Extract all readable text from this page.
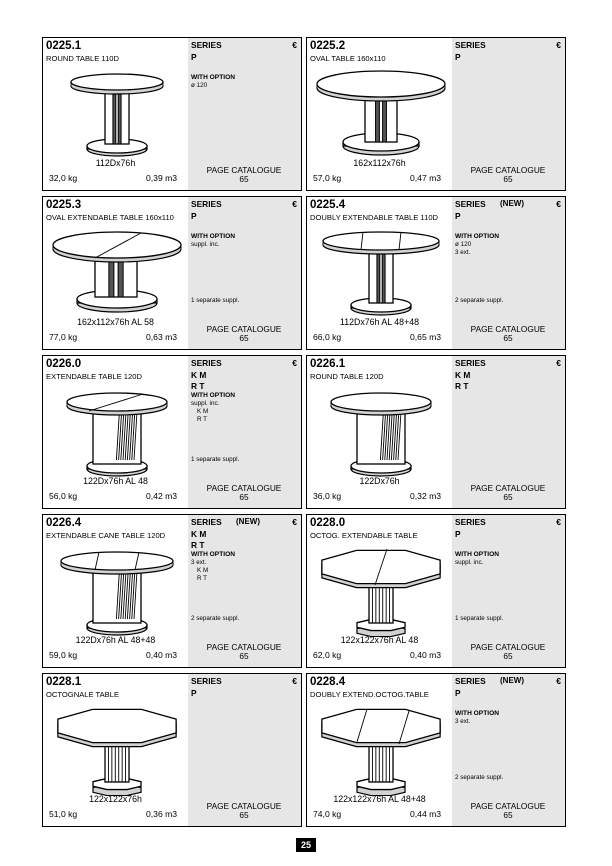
0225.1
ROUND TABLE 110D
112Dx76h
32,0 kg	0,39 m3
SERIES	€
P
WITH OPTION
ø 120
PAGE CATALOGUE
65
0225.2
OVAL TABLE 160x110
162x112x76h
57,0 kg	0,47 m3
SERIES	€
P
PAGE CATALOGUE
65
0225.3
OVAL EXTENDABLE TABLE 160x110
162x112x76h AL 58
77,0 kg	0,63 m3
SERIES	€
P
WITH OPTION
suppl. inc.
1 separate suppl.
PAGE CATALOGUE
65
0225.4
DOUBLY EXTENDABLE TABLE 110D
112Dx76h AL 48+48
66,0 kg	0,65 m3
SERIES (NEW)	€
P
WITH OPTION
ø 120
3 ext.
2 separate suppl.
PAGE CATALOGUE
65
0226.0
EXTENDABLE TABLE 120D
122Dx76h AL 48
56,0 kg	0,42 m3
SERIES	€
K M
R T
WITH OPTION
suppl. inc.
K M
R T
1 separate suppl.
PAGE CATALOGUE
65
0226.1
ROUND TABLE 120D
122Dx76h
36,0 kg	0,32 m3
SERIES	€
K M
R T
PAGE CATALOGUE
65
0226.4
EXTENDABLE CANE TABLE 120D
122Dx76h AL 48+48
59,0 kg	0,40 m3
SERIES (NEW)	€
K M
R T
WITH OPTION
3 ext.
K M
R T
2 separate suppl.
PAGE CATALOGUE
65
0228.0
OCTOG. EXTENDABLE TABLE
122x122x76h AL 48
62,0 kg	0,40 m3
SERIES	€
P
WITH OPTION
suppl. inc.
1 separate suppl.
PAGE CATALOGUE
65
0228.1
OCTOGNALE TABLE
122x122x76h
51,0 kg	0,36 m3
SERIES	€
P
PAGE CATALOGUE
65
0228.4
DOUBLY EXTEND.OCTOG.TABLE
122x122x76h AL 48+48
74,0 kg	0,44 m3
SERIES (NEW)	€
P
WITH OPTION
3 ext.
2 separate suppl.
PAGE CATALOGUE
65
25
